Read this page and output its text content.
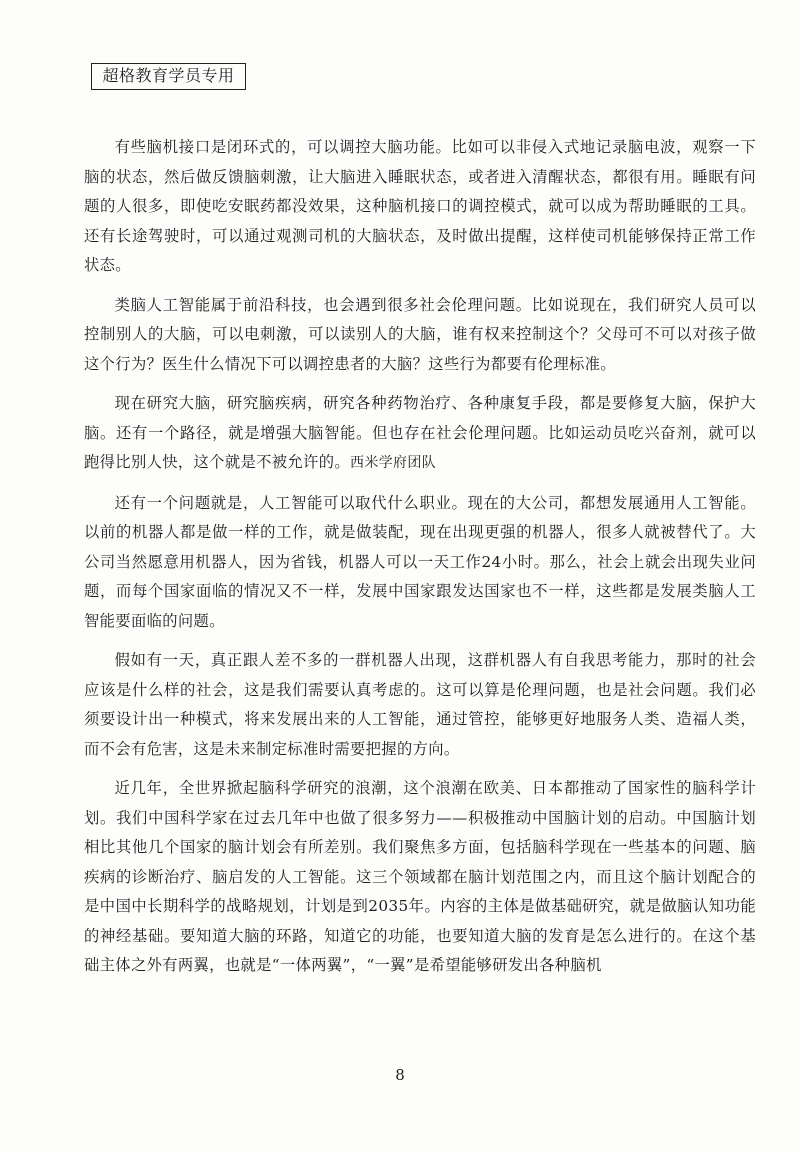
超格教育学员专用

有些脑机接口是闭环式的，可以调控大脑功能。比如可以非侵入式地记录脑电波，观察一下脑的状态，然后做反馈脑刺激，让大脑进入睡眠状态，或者进入清醒状态，都很有用。睡眠有问题的人很多，即使吃安眠药都没效果，这种脑机接口的调控模式，就可以成为帮助睡眠的工具。还有长途驾驶时，可以通过观测司机的大脑状态，及时做出提醒，这样使司机能够保持正常工作状态。

类脑人工智能属于前沿科技，也会遇到很多社会伦理问题。比如说现在，我们研究人员可以控制别人的大脑，可以电刺激，可以读别人的大脑，谁有权来控制这个？父母可不可以对孩子做这个行为？医生什么情况下可以调控患者的大脑？这些行为都要有伦理标准。

现在研究大脑，研究脑疾病，研究各种药物治疗、各种康复手段，都是要修复大脑，保护大脑。还有一个路径，就是增强大脑智能。但也存在社会伦理问题。比如运动员吃兴奋剂，就可以跑得比别人快，这个就是不被允许的。西米学府团队

还有一个问题就是，人工智能可以取代什么职业。现在的大公司，都想发展通用人工智能。以前的机器人都是做一样的工作，就是做装配，现在出现更强的机器人，很多人就被替代了。大公司当然愿意用机器人，因为省钱，机器人可以一天工作24小时。那么，社会上就会出现失业问题，而每个国家面临的情况又不一样，发展中国家跟发达国家也不一样，这些都是发展类脑人工智能要面临的问题。

假如有一天，真正跟人差不多的一群机器人出现，这群机器人有自我思考能力，那时的社会应该是什么样的社会，这是我们需要认真考虑的。这可以算是伦理问题，也是社会问题。我们必须要设计出一种模式，将来发展出来的人工智能，通过管控，能够更好地服务人类、造福人类，而不会有危害，这是未来制定标准时需要把握的方向。

近几年，全世界掀起脑科学研究的浪潮，这个浪潮在欧美、日本都推动了国家性的脑科学计划。我们中国科学家在过去几年中也做了很多努力——积极推动中国脑计划的启动。中国脑计划相比其他几个国家的脑计划会有所差别。我们聚焦多方面，包括脑科学现在一些基本的问题、脑疾病的诊断治疗、脑启发的人工智能。这三个领域都在脑计划范围之内，而且这个脑计划配合的是中国中长期科学的战略规划，计划是到2035年。内容的主体是做基础研究，就是做脑认知功能的神经基础。要知道大脑的环路，知道它的功能，也要知道大脑的发育是怎么进行的。在这个基础主体之外有两翼，也就是“一体两翼”，“一翼”是希望能够研发出各种脑机

8
